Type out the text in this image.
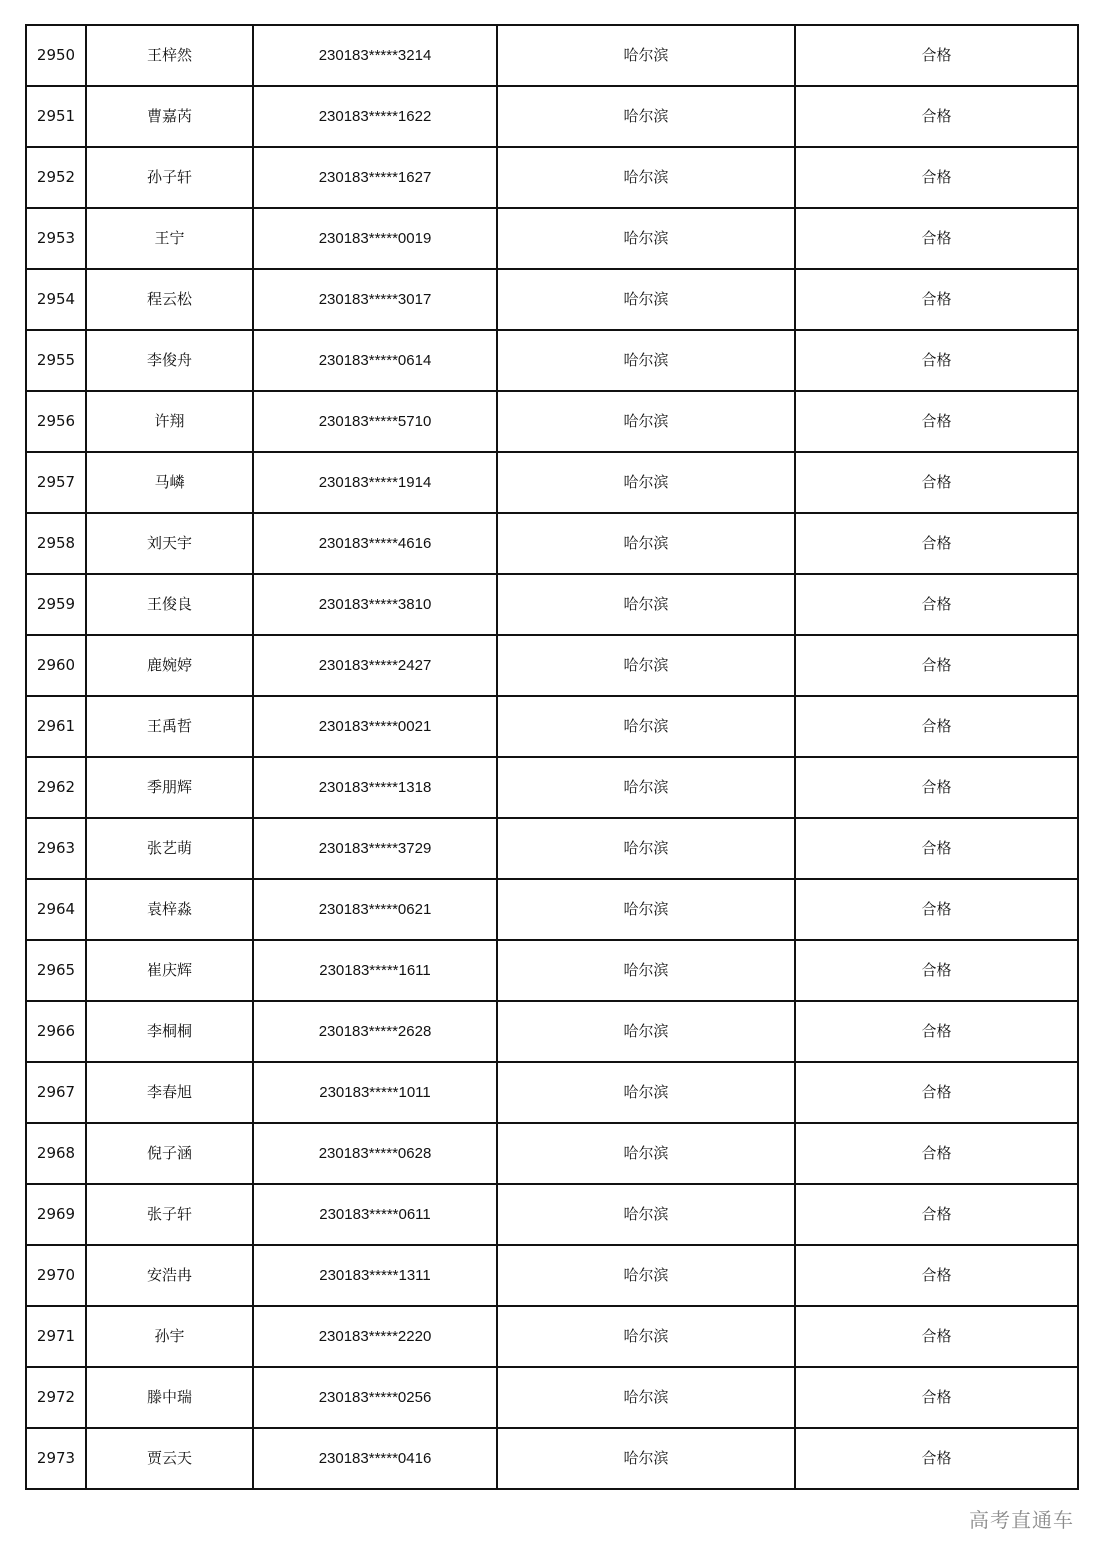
2950	王梓然	230183*****3214	哈尔滨	合格
2951	曹嘉芮	230183*****1622	哈尔滨	合格
2952	孙子轩	230183*****1627	哈尔滨	合格
2953	王宁	230183*****0019	哈尔滨	合格
2954	程云松	230183*****3017	哈尔滨	合格
2955	李俊舟	230183*****0614	哈尔滨	合格
2956	许翔	230183*****5710	哈尔滨	合格
2957	马嶙	230183*****1914	哈尔滨	合格
2958	刘天宇	230183*****4616	哈尔滨	合格
2959	王俊良	230183*****3810	哈尔滨	合格
2960	鹿婉婷	230183*****2427	哈尔滨	合格
2961	王禹哲	230183*****0021	哈尔滨	合格
2962	季朋辉	230183*****1318	哈尔滨	合格
2963	张艺萌	230183*****3729	哈尔滨	合格
2964	袁梓淼	230183*****0621	哈尔滨	合格
2965	崔庆辉	230183*****1611	哈尔滨	合格
2966	李桐桐	230183*****2628	哈尔滨	合格
2967	李春旭	230183*****1011	哈尔滨	合格
2968	倪子涵	230183*****0628	哈尔滨	合格
2969	张子轩	230183*****0611	哈尔滨	合格
2970	安浩冉	230183*****1311	哈尔滨	合格
2971	孙宇	230183*****2220	哈尔滨	合格
2972	滕中瑞	230183*****0256	哈尔滨	合格
2973	贾云天	230183*****0416	哈尔滨	合格
高考直通车
